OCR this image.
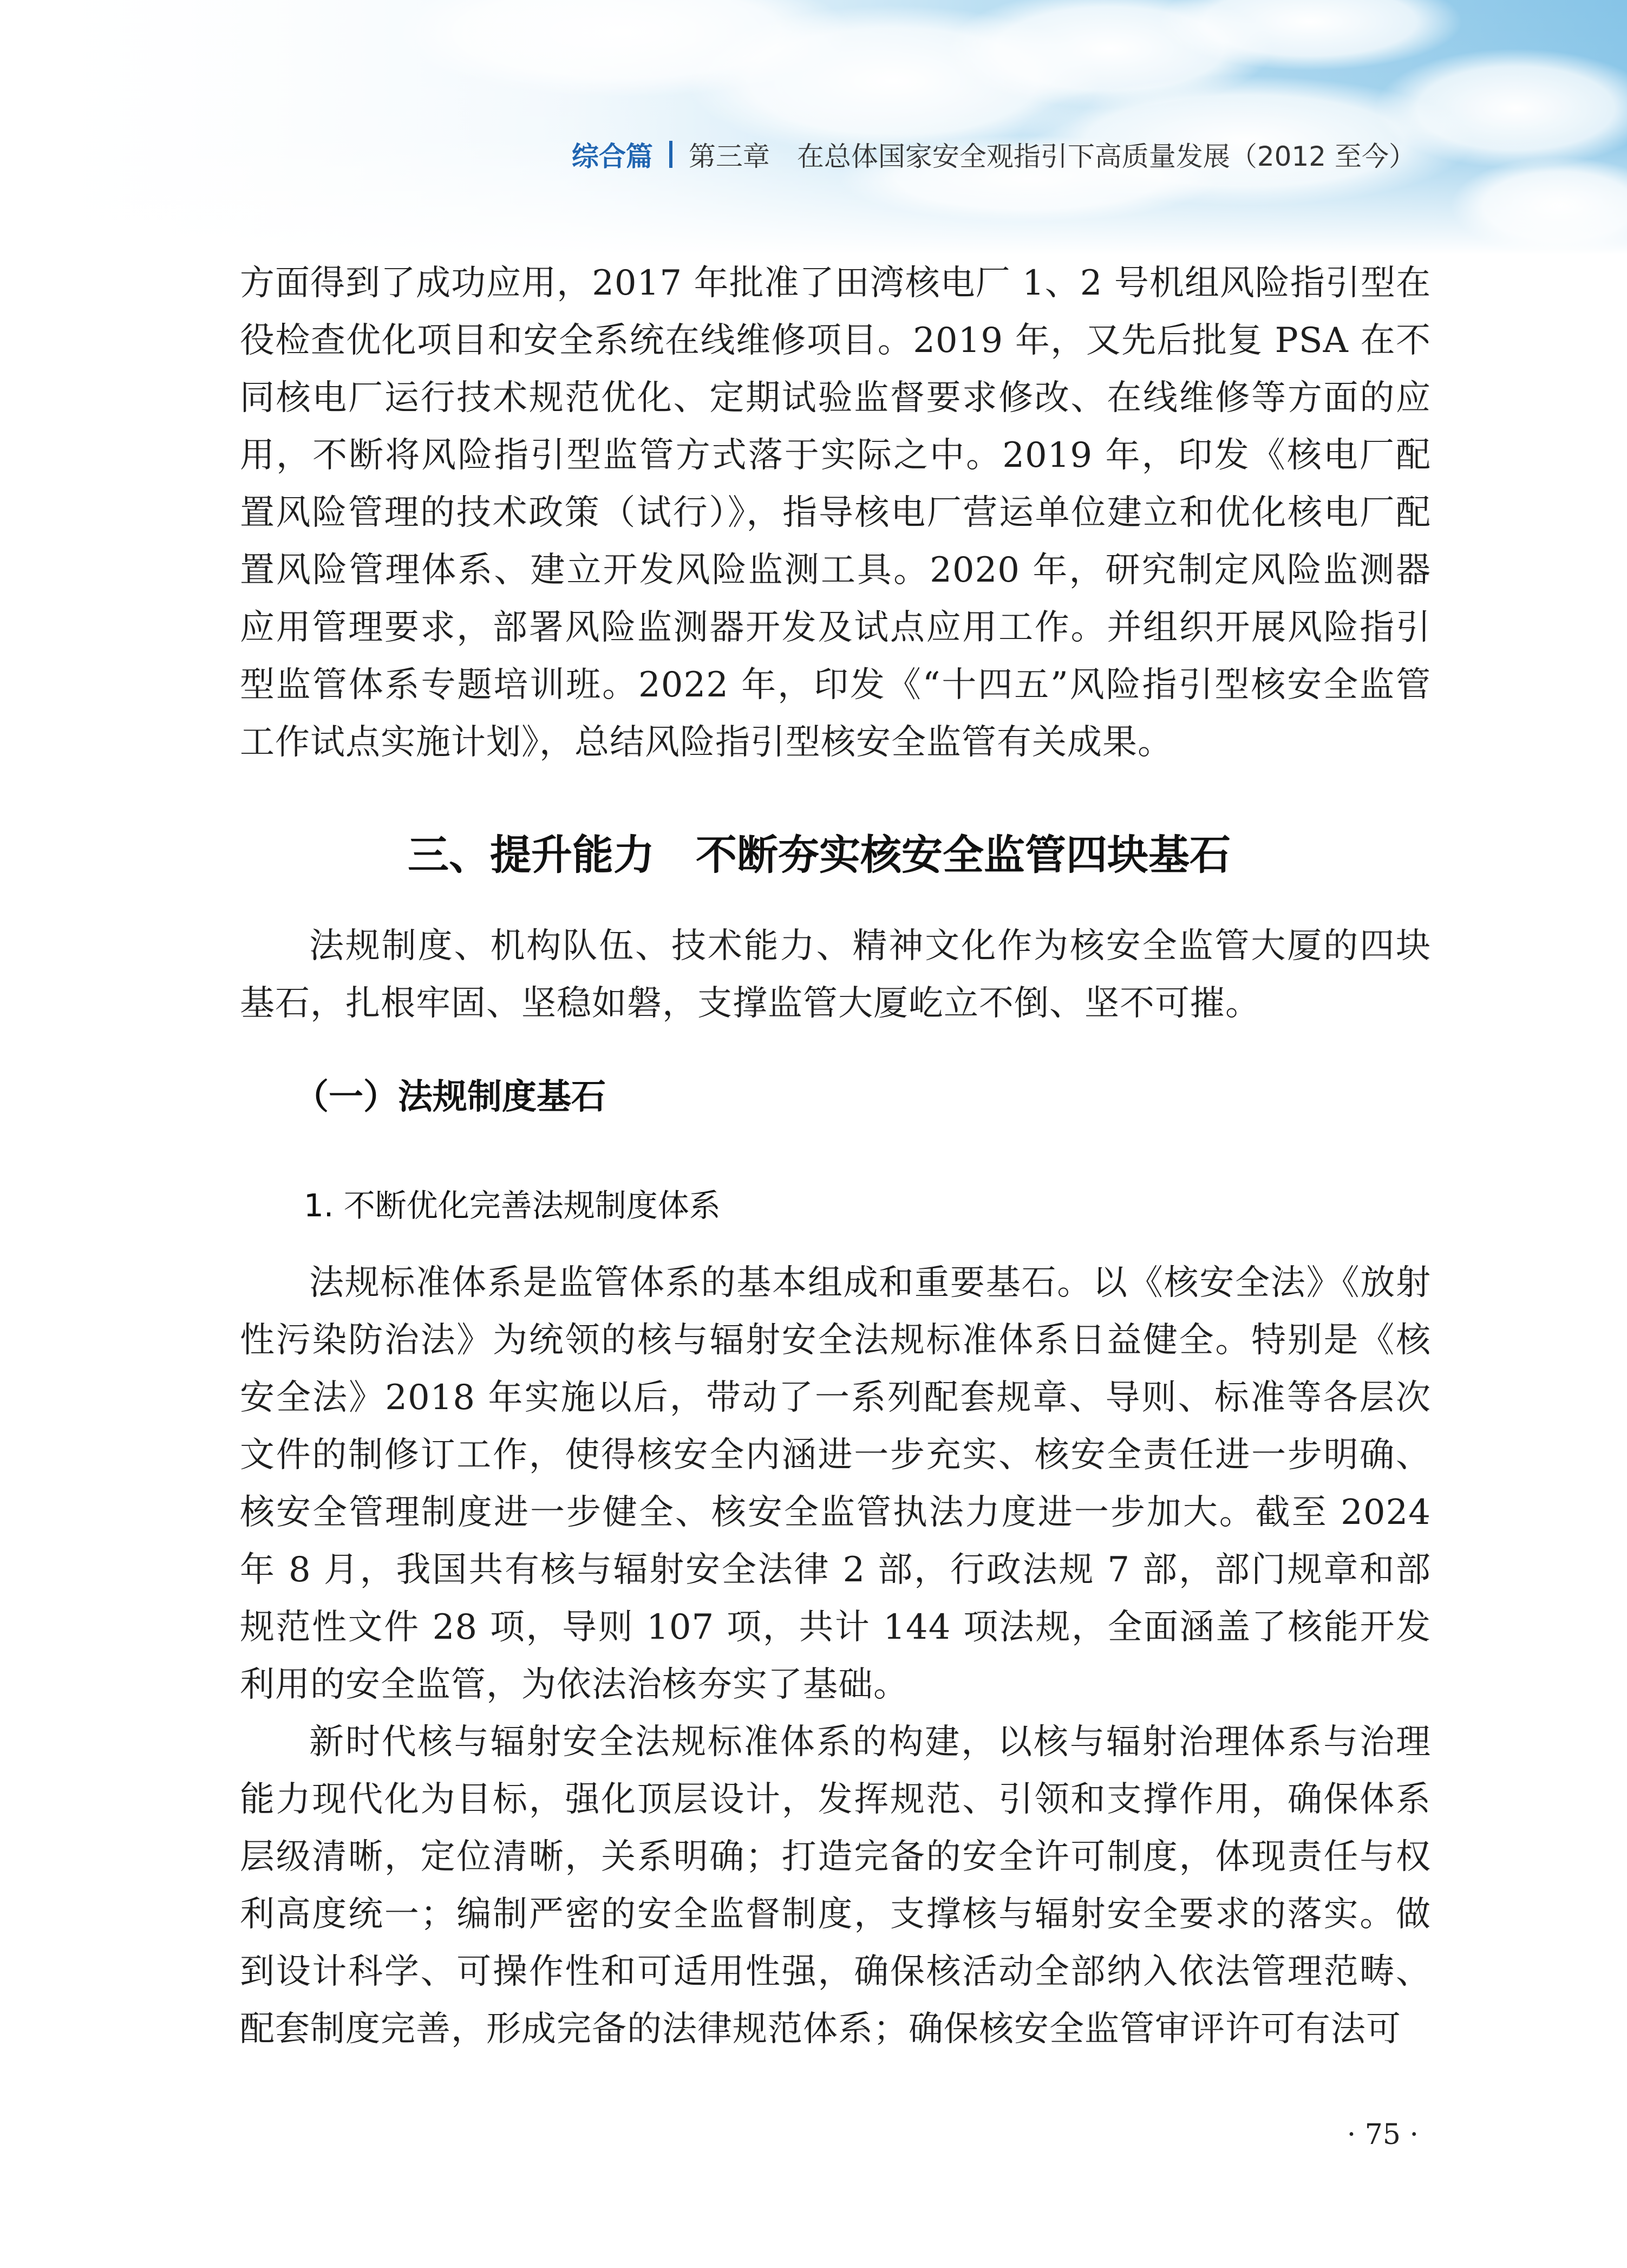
综合篇 第三章 在总体国家安全观指引下高质量发展（2012 至今）

方面得到了成功应用，2017 年批准了田湾核电厂 1、2 号机组风险指引型在役检查优化项目和安全系统在线维修项目。2019 年，又先后批复 PSA 在不同核电厂运行技术规范优化、定期试验监督要求修改、在线维修等方面的应用，不断将风险指引型监管方式落于实际之中。2019 年，印发《核电厂配置风险管理的技术政策（试行）》，指导核电厂营运单位建立和优化核电厂配置风险管理体系、建立开发风险监测工具。2020 年，研究制定风险监测器应用管理要求，部署风险监测器开发及试点应用工作。并组织开展风险指引型监管体系专题培训班。2022 年，印发《“十四五”风险指引型核安全监管工作试点实施计划》，总结风险指引型核安全监管有关成果。

三、提升能力　不断夯实核安全监管四块基石

法规制度、机构队伍、技术能力、精神文化作为核安全监管大厦的四块基石，扎根牢固、坚稳如磐，支撑监管大厦屹立不倒、坚不可摧。

（一）法规制度基石
1. 不断优化完善法规制度体系

法规标准体系是监管体系的基本组成和重要基石。以《核安全法》《放射性污染防治法》为统领的核与辐射安全法规标准体系日益健全。特别是《核安全法》2018 年实施以后，带动了一系列配套规章、导则、标准等各层次文件的制修订工作，使得核安全内涵进一步充实、核安全责任进一步明确、核安全管理制度进一步健全、核安全监管执法力度进一步加大。截至 2024 年 8 月，我国共有核与辐射安全法律 2 部，行政法规 7 部，部门规章和部规范性文件 28 项，导则 107 项，共计 144 项法规，全面涵盖了核能开发利用的安全监管，为依法治核夯实了基础。

新时代核与辐射安全法规标准体系的构建，以核与辐射治理体系与治理能力现代化为目标，强化顶层设计，发挥规范、引领和支撑作用，确保体系层级清晰，定位清晰，关系明确；打造完备的安全许可制度，体现责任与权利高度统一；编制严密的安全监督制度，支撑核与辐射安全要求的落实。做到设计科学、可操作性和可适用性强，确保核活动全部纳入依法管理范畴、配套制度完善，形成完备的法律规范体系；确保核安全监管审评许可有法可

· 75 ·
